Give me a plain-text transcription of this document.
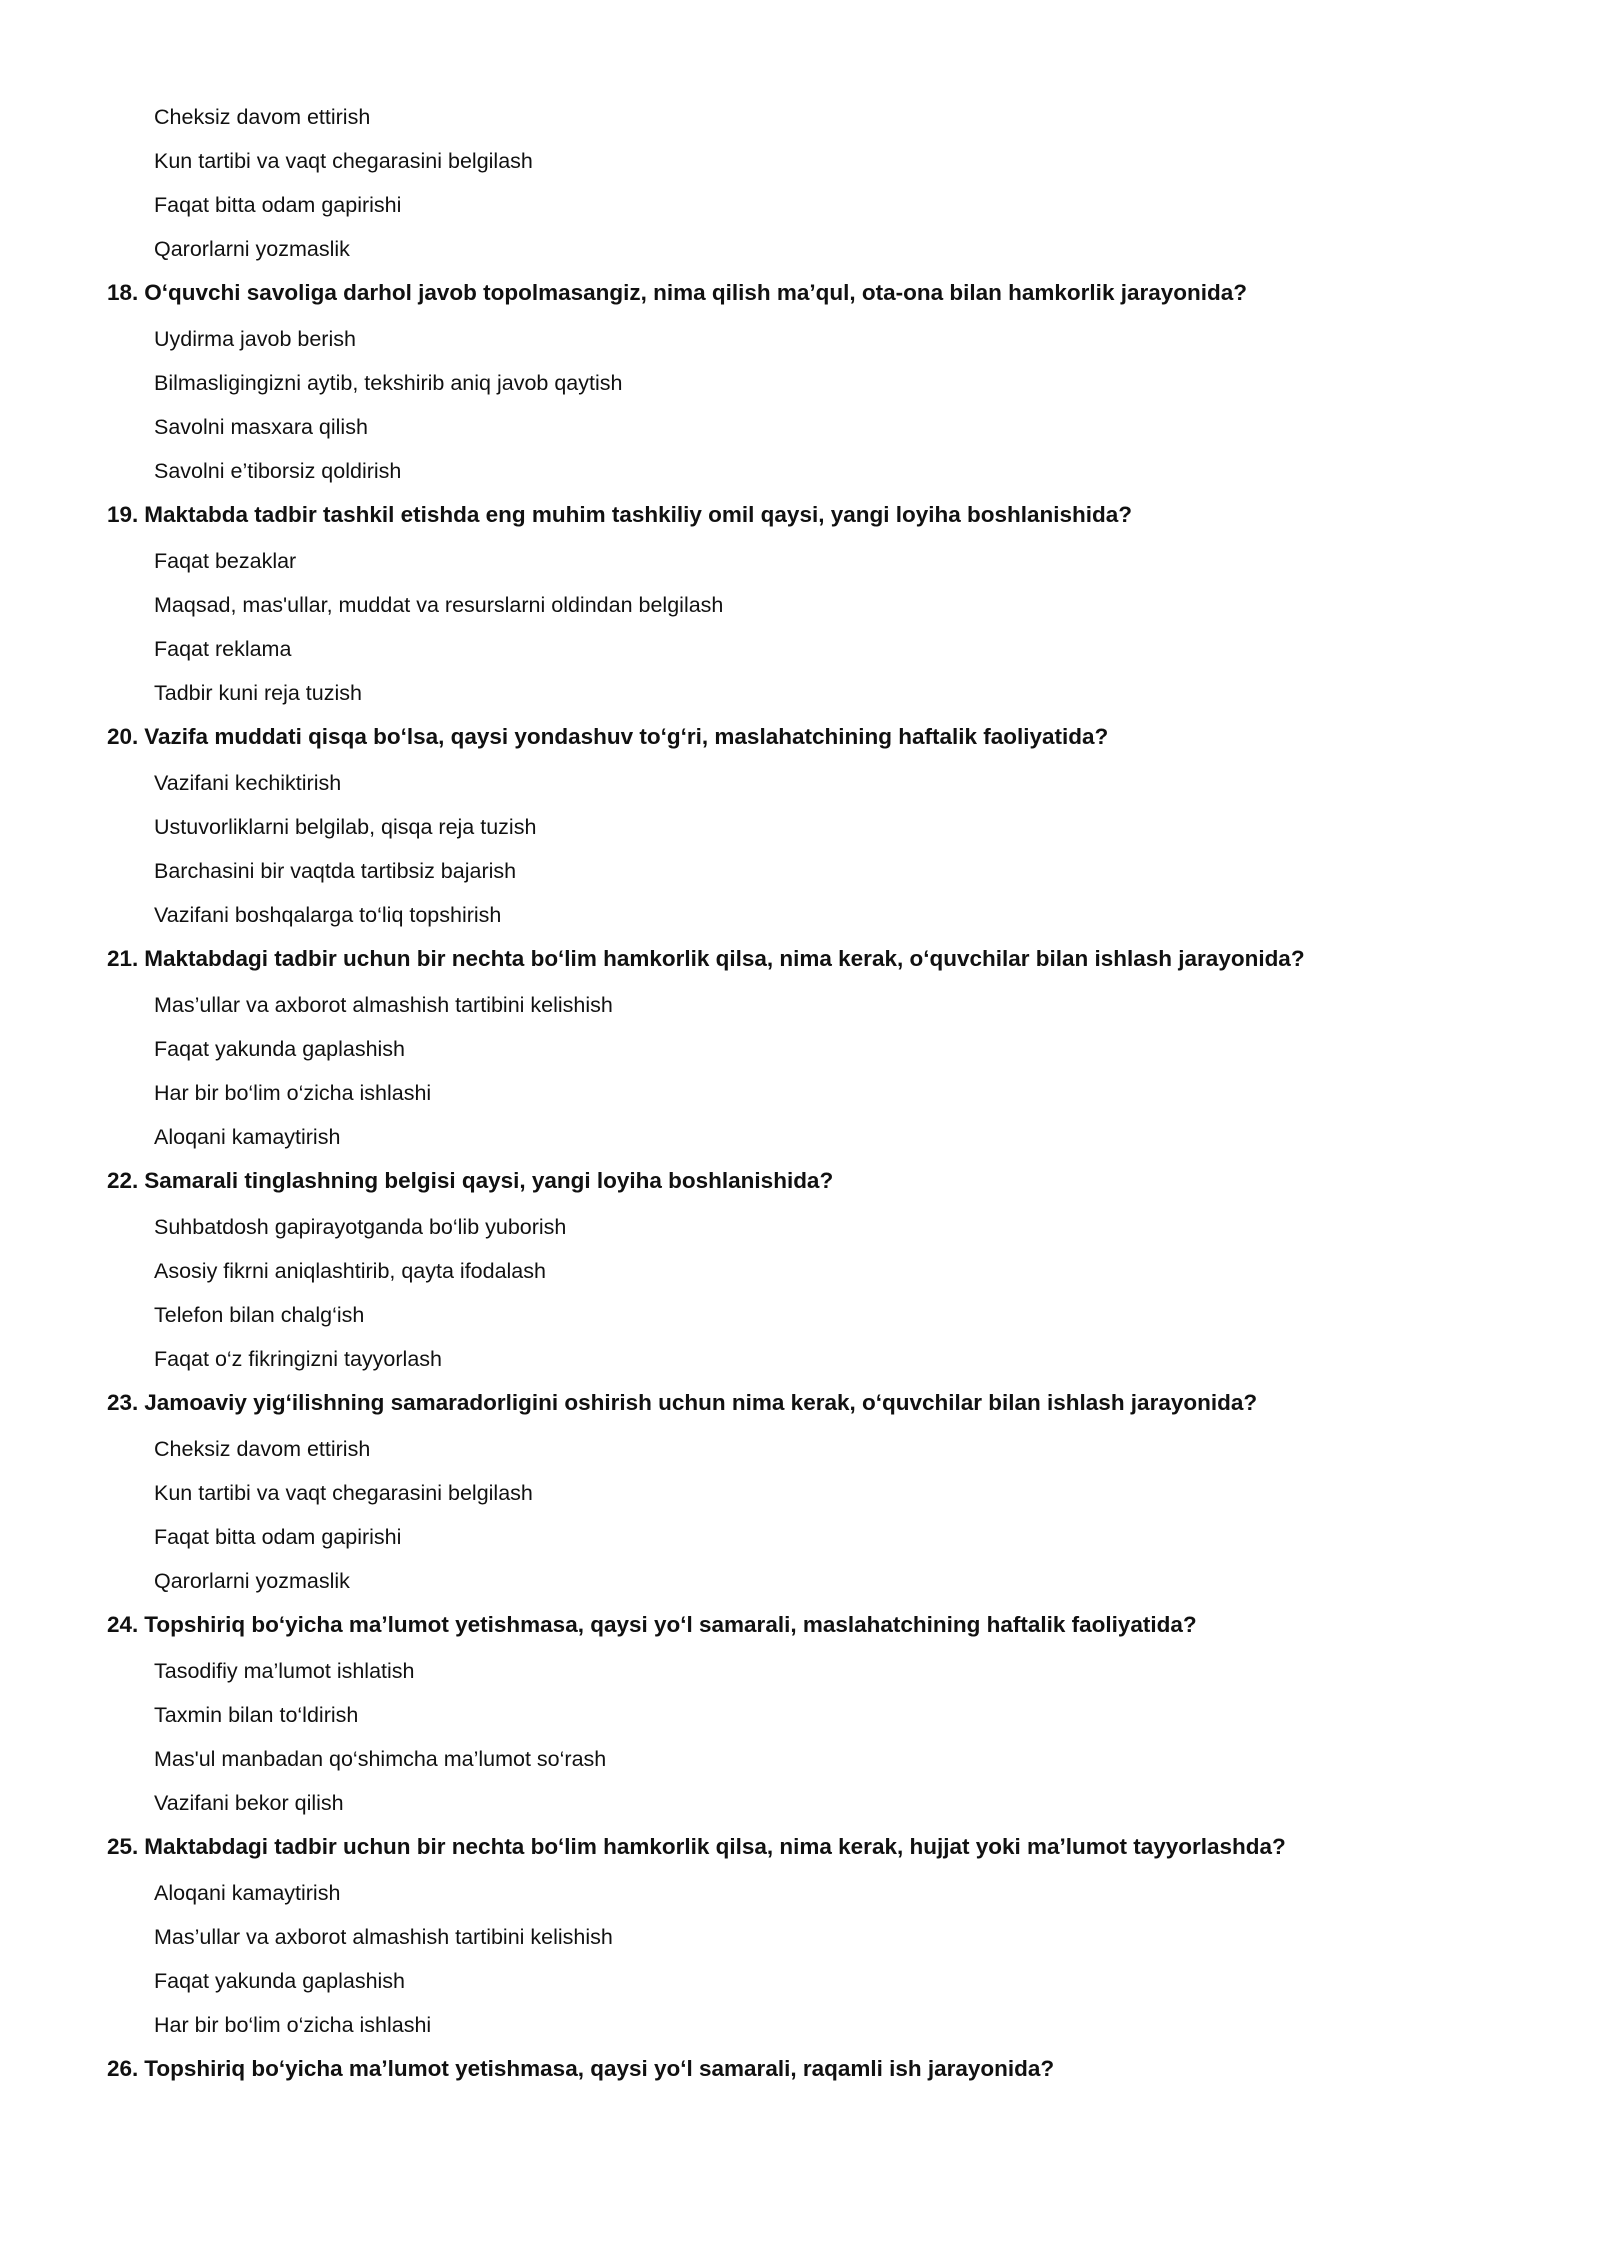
Cheksiz davom ettirish
Kun tartibi va vaqt chegarasini belgilash
Faqat bitta odam gapirishi
Qarorlarni yozmaslik
18. O‘quvchi savoliga darhol javob topolmasangiz, nima qilish ma’qul, ota-ona bilan hamkorlik jarayonida?
Uydirma javob berish
Bilmasligingizni aytib, tekshirib aniq javob qaytish
Savolni masxara qilish
Savolni e’tiborsiz qoldirish
19. Maktabda tadbir tashkil etishda eng muhim tashkiliy omil qaysi, yangi loyiha boshlanishida?
Faqat bezaklar
Maqsad, mas'ullar, muddat va resurslarni oldindan belgilash
Faqat reklama
Tadbir kuni reja tuzish
20. Vazifa muddati qisqa bo‘lsa, qaysi yondashuv to‘g‘ri, maslahatchining haftalik faoliyatida?
Vazifani kechiktirish
Ustuvorliklarni belgilab, qisqa reja tuzish
Barchasini bir vaqtda tartibsiz bajarish
Vazifani boshqalarga to‘liq topshirish
21. Maktabdagi tadbir uchun bir nechta bo‘lim hamkorlik qilsa, nima kerak, o‘quvchilar bilan ishlash jarayonida?
Mas’ullar va axborot almashish tartibini kelishish
Faqat yakunda gaplashish
Har bir bo‘lim o‘zicha ishlashi
Aloqani kamaytirish
22. Samarali tinglashning belgisi qaysi, yangi loyiha boshlanishida?
Suhbatdosh gapirayotganda bo‘lib yuborish
Asosiy fikrni aniqlashtirib, qayta ifodalash
Telefon bilan chalg‘ish
Faqat o‘z fikringizni tayyorlash
23. Jamoaviy yig‘ilishning samaradorligini oshirish uchun nima kerak, o‘quvchilar bilan ishlash jarayonida?
Cheksiz davom ettirish
Kun tartibi va vaqt chegarasini belgilash
Faqat bitta odam gapirishi
Qarorlarni yozmaslik
24. Topshiriq bo‘yicha ma’lumot yetishmasa, qaysi yo‘l samarali, maslahatchining haftalik faoliyatida?
Tasodifiy ma’lumot ishlatish
Taxmin bilan to‘ldirish
Mas'ul manbadan qo‘shimcha ma’lumot so‘rash
Vazifani bekor qilish
25. Maktabdagi tadbir uchun bir nechta bo‘lim hamkorlik qilsa, nima kerak, hujjat yoki ma’lumot tayyorlashda?
Aloqani kamaytirish
Mas’ullar va axborot almashish tartibini kelishish
Faqat yakunda gaplashish
Har bir bo‘lim o‘zicha ishlashi
26. Topshiriq bo‘yicha ma’lumot yetishmasa, qaysi yo‘l samarali, raqamli ish jarayonida?
